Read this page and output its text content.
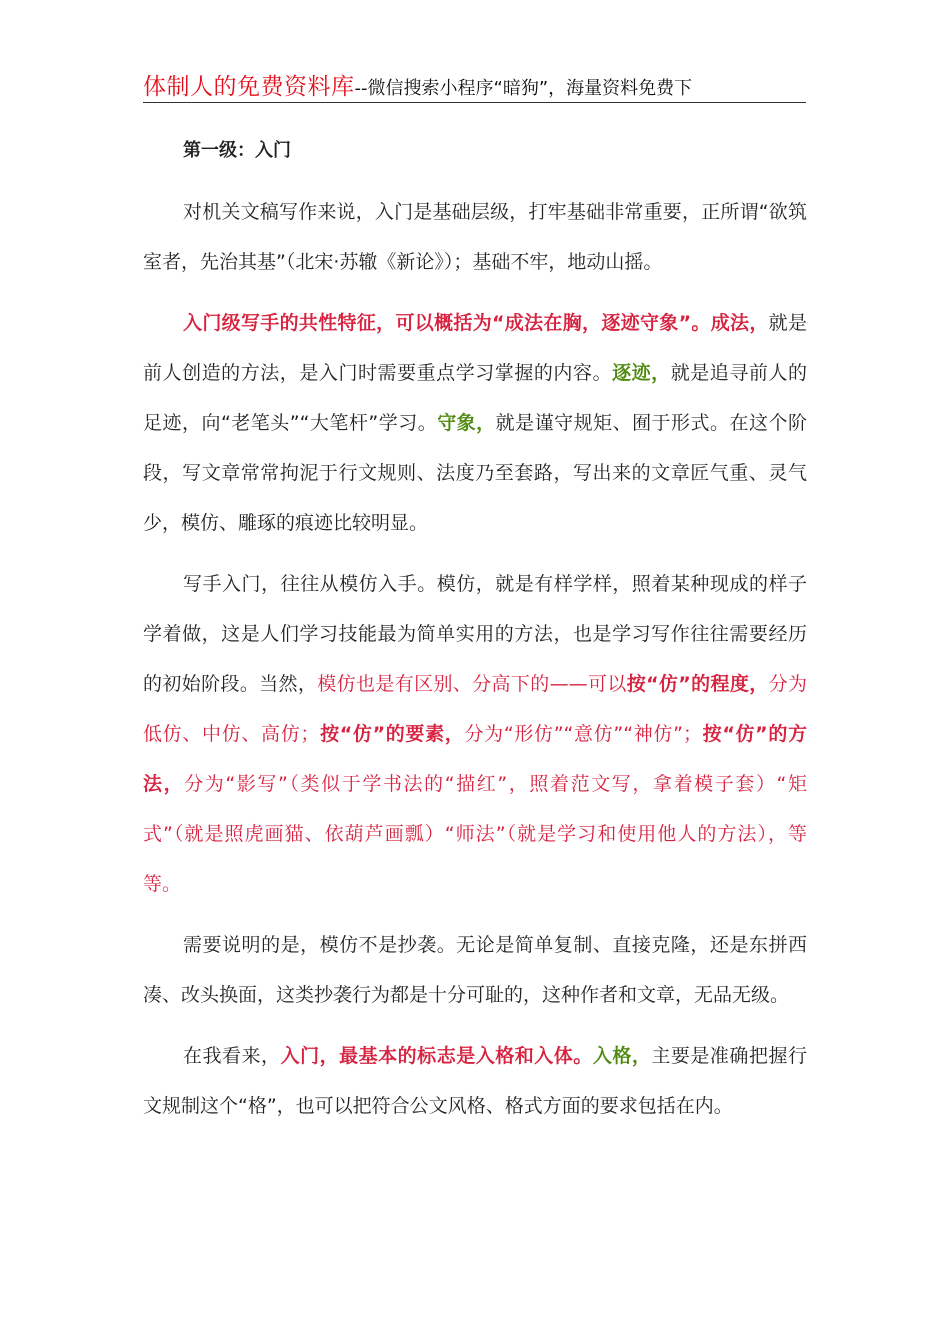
体制人的免费资料库--微信搜索小程序“暗狗”，海量资料免费下

第一级：入门

对机关文稿写作来说，入门是基础层级，打牢基础非常重要，正所谓“欲筑室者，先治其基”（北宋·苏辙《新论》）；基础不牢，地动山摇。

入门级写手的共性特征，可以概括为“成法在胸，逐迹守象”。成法，就是前人创造的方法，是入门时需要重点学习掌握的内容。逐迹，就是追寻前人的足迹，向“老笔头”“大笔杆”学习。守象，就是谨守规矩、囿于形式。在这个阶段，写文章常常拘泥于行文规则、法度乃至套路，写出来的文章匠气重、灵气少，模仿、雕琢的痕迹比较明显。

写手入门，往往从模仿入手。模仿，就是有样学样，照着某种现成的样子学着做，这是人们学习技能最为简单实用的方法，也是学习写作往往需要经历的初始阶段。当然，模仿也是有区别、分高下的——可以按“仿”的程度，分为低仿、中仿、高仿；按“仿”的要素，分为“形仿”“意仿”“神仿”；按“仿”的方法，分为“影写”（类似于学书法的“描红”，照着范文写，拿着模子套）“矩式”（就是照虎画猫、依葫芦画瓢）“师法”（就是学习和使用他人的方法），等等。

需要说明的是，模仿不是抄袭。无论是简单复制、直接克隆，还是东拼西凑、改头换面，这类抄袭行为都是十分可耻的，这种作者和文章，无品无级。

在我看来，入门，最基本的标志是入格和入体。入格，主要是准确把握行文规制这个“格”，也可以把符合公文风格、格式方面的要求包括在内。
